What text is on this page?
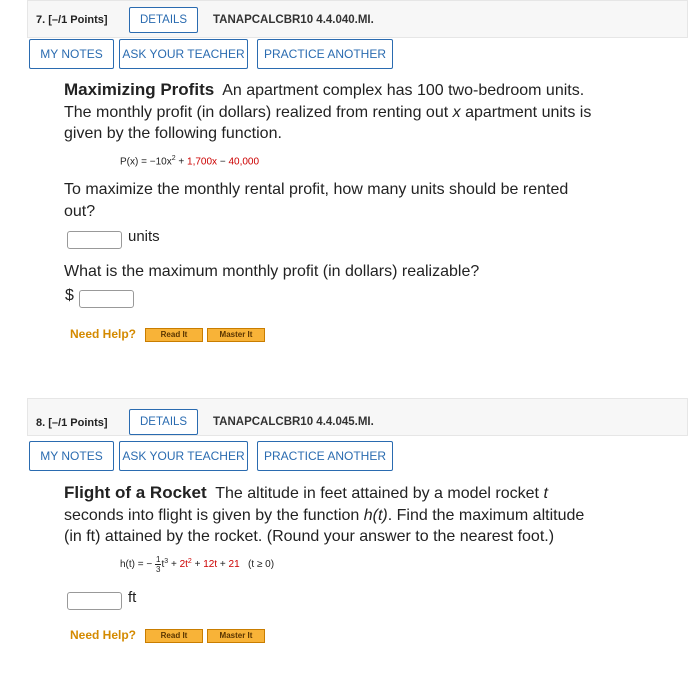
7. [–/1 Points]	DETAILS	TANAPCALCBR10 4.4.040.MI.
MY NOTES	ASK YOUR TEACHER	PRACTICE ANOTHER
Maximizing Profits An apartment complex has 100 two-bedroom units.
The monthly profit (in dollars) realized from renting out x apartment units is
given by the following function.
$P(x) = -10x^2 + 1,700x - 40,000$
To maximize the monthly rental profit, how many units should be rented
out?
units
What is the maximum monthly profit (in dollars) realizable?
$
Need Help?	Read It	Master It
8. [–/1 Points]	DETAILS	TANAPCALCBR10 4.4.045.MI.
MY NOTES	ASK YOUR TEACHER	PRACTICE ANOTHER
Flight of a Rocket The altitude in feet attained by a model rocket t
seconds into flight is given by the function h(t). Find the maximum altitude
(in ft) attained by the rocket. (Round your answer to the nearest foot.)
h(t) = − $\frac{1}{3} t^3 + 2t^2 + 12t + 21$ (t ≥ 0)
ft
Need Help?	Read It	Master It
